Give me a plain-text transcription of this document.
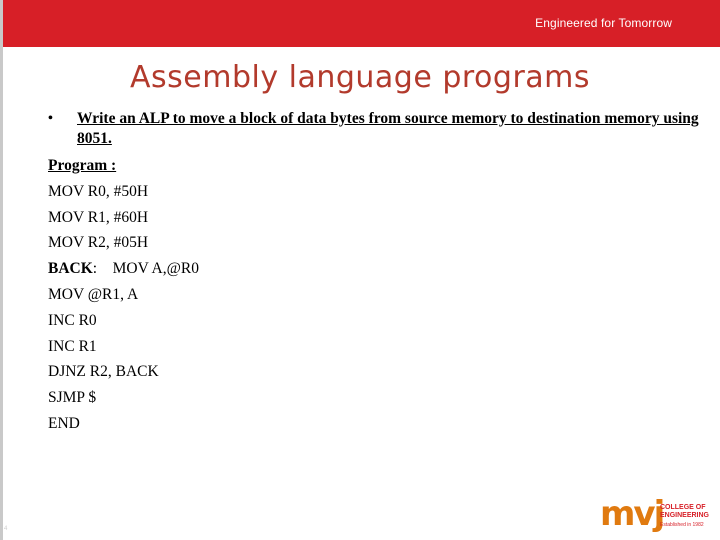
Engineered for Tomorrow
Assembly language programs
• Write an ALP to move a block of data bytes from source memory to destination memory using 8051.
Program :
MOV R0, #50H
MOV R1, #60H
MOV R2, #05H
BACK: MOV A,@R0
MOV @R1, A
INC R0
INC R1
DJNZ R2, BACK
SJMP $
END
4	mvj
COLLEGE OF
ENGINEERING
Established in 1982
